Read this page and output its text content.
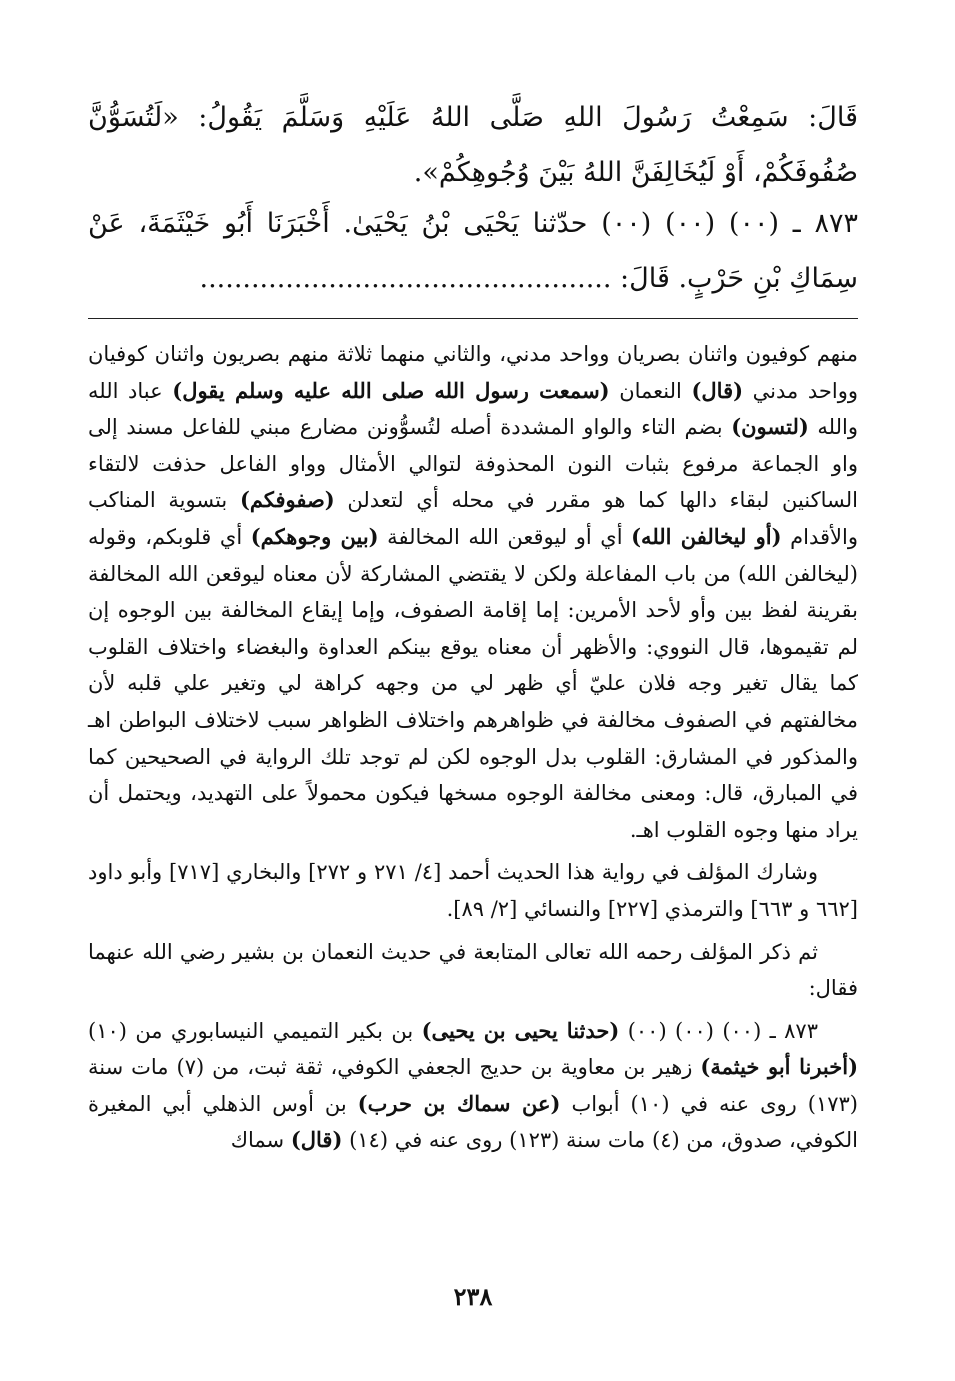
قَالَ: سَمِعْتُ رَسُولَ اللهِ صَلَّى اللهُ عَلَيْهِ وَسَلَّمَ يَقُولُ: «لَتُسَوُّنَّ صُفُوفَكُمْ، أَوْ لَيُخَالِفَنَّ اللهُ بَيْنَ وُجُوهِكُمْ».

٨٧٣ ـ (٠٠) (٠٠) (٠٠) حدّثنا يَحْيَى بْنُ يَحْيَىٰ. أَخْبَرَنَا أَبُو خَيْثَمَةَ، عَنْ سِمَاكِ بْنِ حَرْبٍ. قَالَ: ................................................

منهم كوفيون واثنان بصريان وواحد مدني، والثاني منهما ثلاثة منهم بصريون واثنان كوفيان وواحد مدني (قال) النعمان (سمعت رسول الله صلى الله عليه وسلم يقول) عباد الله والله (لتسون) بضم التاء والواو المشددة أصله لتُسوُّونن مضارع مبني للفاعل مسند إلى واو الجماعة مرفوع بثبات النون المحذوفة لتوالي الأمثال وواو الفاعل حذفت لالتقاء الساكنين لبقاء دالها كما هو مقرر في محله أي لتعدلن (صفوفكم) بتسوية المناكب والأقدام (أو ليخالفن الله) أي أو ليوقعن الله المخالفة (بين وجوهكم) أي قلوبكم، وقوله (ليخالفن الله) من باب المفاعلة ولكن لا يقتضي المشاركة لأن معناه ليوقعن الله المخالفة بقرينة لفظ بين وأو لأحد الأمرين: إما إقامة الصفوف، وإما إيقاع المخالفة بين الوجوه إن لم تقيموها، قال النووي: والأظهر أن معناه يوقع بينكم العداوة والبغضاء واختلاف القلوب كما يقال تغير وجه فلان عليّ أي ظهر لي من وجهه كراهة لي وتغير علي قلبه لأن مخالفتهم في الصفوف مخالفة في ظواهرهم واختلاف الظواهر سبب لاختلاف البواطن اهـ والمذكور في المشارق: القلوب بدل الوجوه لكن لم توجد تلك الرواية في الصحيحين كما في المبارق، قال: ومعنى مخالفة الوجوه مسخها فيكون محمولاً على التهديد، ويحتمل أن يراد منها وجوه القلوب اهـ.

وشارك المؤلف في رواية هذا الحديث أحمد [٤/ ٢٧١ و ٢٧٢] والبخاري [٧١٧] وأبو داود [٦٦٢ و ٦٦٣] والترمذي [٢٢٧] والنسائي [٢/ ٨٩].

ثم ذكر المؤلف رحمه الله تعالى المتابعة في حديث النعمان بن بشير رضي الله عنهما فقال:

٨٧٣ ـ (٠٠) (٠٠) (٠٠) (حدثنا يحيى بن يحيى) بن بكير التميمي النيسابوري من (١٠) (أخبرنا أبو خيثمة) زهير بن معاوية بن حديج الجعفي الكوفي، ثقة ثبت، من (٧) مات سنة (١٧٣) روى عنه في (١٠) أبواب (عن سماك بن حرب) بن أوس الذهلي أبي المغيرة الكوفي، صدوق، من (٤) مات سنة (١٢٣) روى عنه في (١٤) (قال) سماك

٢٣٨
